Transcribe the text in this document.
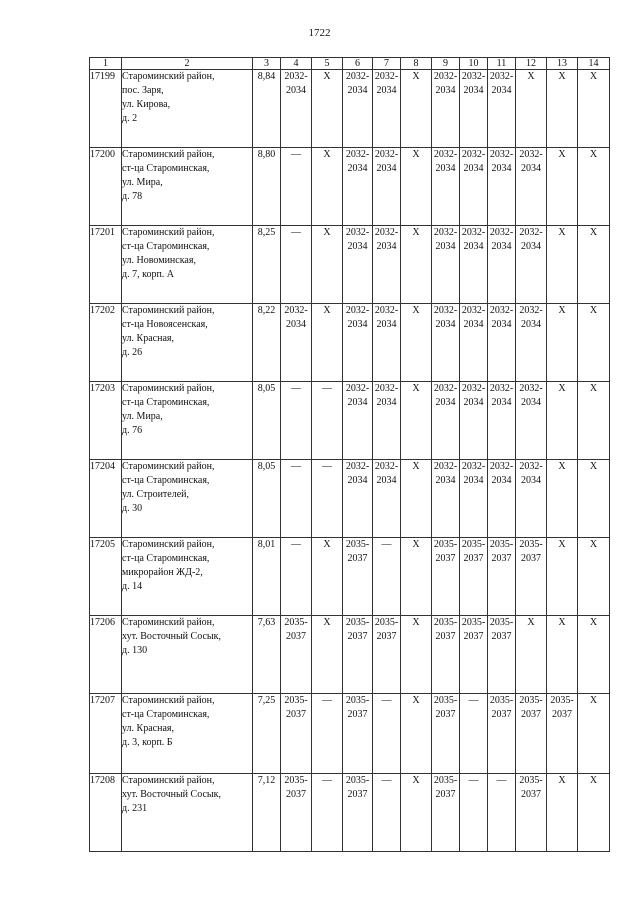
1722
1	2	3	4	5	6	7	8	9	10	11	12	13	14
17199	Староминский район,
пос. Заря,
ул. Кирова,
д. 2	8,84	2032-
2034	X	2032-
2034	2032-
2034	X	2032-
2034	2032-
2034	2032-
2034	X	X	X

17200	Староминский район,
ст-ца Староминская,
ул. Мира,
д. 78	8,80	—	X	2032-
2034	2032-
2034	X	2032-
2034	2032-
2034	2032-
2034	2032-
2034	X	X

17201	Староминский район,
ст-ца Староминская,
ул. Новоминская,
д. 7, корп. А	8,25	—	X	2032-
2034	2032-
2034	X	2032-
2034	2032-
2034	2032-
2034	2032-
2034	X	X

17202	Староминский район,
ст-ца Новоясенская,
ул. Красная,
д. 26	8,22	2032-
2034	X	2032-
2034	2032-
2034	X	2032-
2034	2032-
2034	2032-
2034	2032-
2034	X	X

17203	Староминский район,
ст-ца Староминская,
ул. Мира,
д. 76	8,05	—	—	2032-
2034	2032-
2034	X	2032-
2034	2032-
2034	2032-
2034	2032-
2034	X	X

17204	Староминский район,
ст-ца Староминская,
ул. Строителей,
д. 30	8,05	—	—	2032-
2034	2032-
2034	X	2032-
2034	2032-
2034	2032-
2034	2032-
2034	X	X

17205	Староминский район,
ст-ца Староминская,
микрорайон ЖД-2,
д. 14	8,01	—	X	2035-
2037	—	X	2035-
2037	2035-
2037	2035-
2037	2035-
2037	X	X

17206	Староминский район,
хут. Восточный Сосык,
д. 130	7,63	2035-
2037	X	2035-
2037	2035-
2037	X	2035-
2037	2035-
2037	2035-
2037	X	X	X

17207	Староминский район,
ст-ца Староминская,
ул. Красная,
д. 3, корп. Б	7,25	2035-
2037	—	2035-
2037	—	X	2035-
2037	—	2035-
2037	2035-
2037	2035-
2037	X

17208	Староминский район,
хут. Восточный Сосык,
д. 231	7,12	2035-
2037	—	2035-
2037	—	X	2035-
2037	—	—	2035-
2037	X	X
